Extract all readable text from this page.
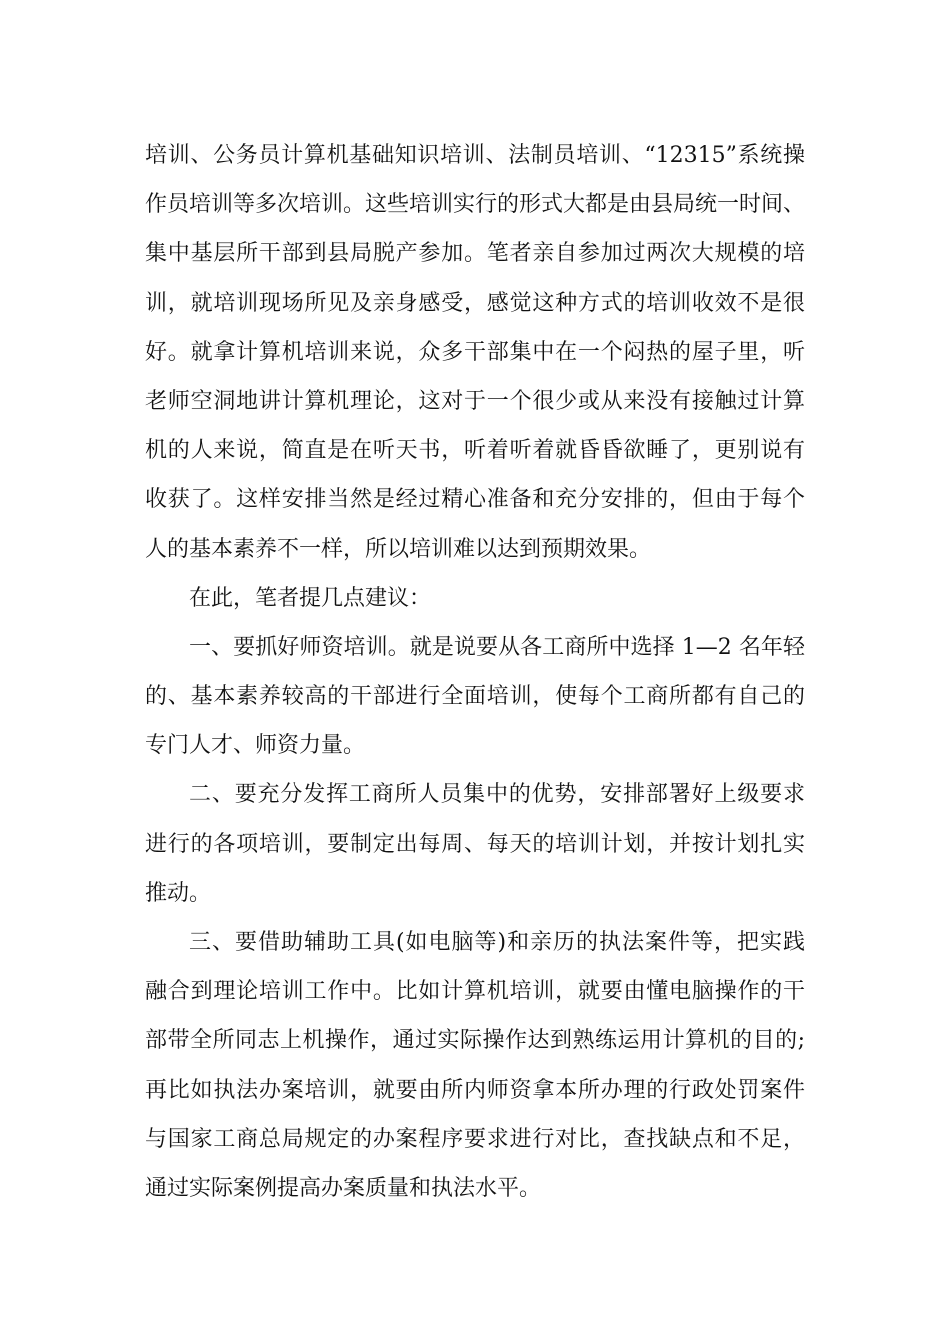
培训、公务员计算机基础知识培训、法制员培训、“12315”系统操
作员培训等多次培训。这些培训实行的形式大都是由县局统一时间、
集中基层所干部到县局脱产参加。笔者亲自参加过两次大规模的培
训，就培训现场所见及亲身感受，感觉这种方式的培训收效不是很
好。就拿计算机培训来说，众多干部集中在一个闷热的屋子里，听
老师空洞地讲计算机理论，这对于一个很少或从来没有接触过计算
机的人来说，简直是在听天书，听着听着就昏昏欲睡了，更别说有
收获了。这样安排当然是经过精心准备和充分安排的，但由于每个
人的基本素养不一样，所以培训难以达到预期效果。
在此，笔者提几点建议：
一、要抓好师资培训。就是说要从各工商所中选择 1—2 名年轻
的、基本素养较高的干部进行全面培训，使每个工商所都有自己的
专门人才、师资力量。
二、要充分发挥工商所人员集中的优势，安排部署好上级要求
进行的各项培训，要制定出每周、每天的培训计划，并按计划扎实
推动。
三、要借助辅助工具(如电脑等)和亲历的执法案件等，把实践
融合到理论培训工作中。比如计算机培训，就要由懂电脑操作的干
部带全所同志上机操作，通过实际操作达到熟练运用计算机的目的;
再比如执法办案培训，就要由所内师资拿本所办理的行政处罚案件
与国家工商总局规定的办案程序要求进行对比，查找缺点和不足，
通过实际案例提高办案质量和执法水平。
